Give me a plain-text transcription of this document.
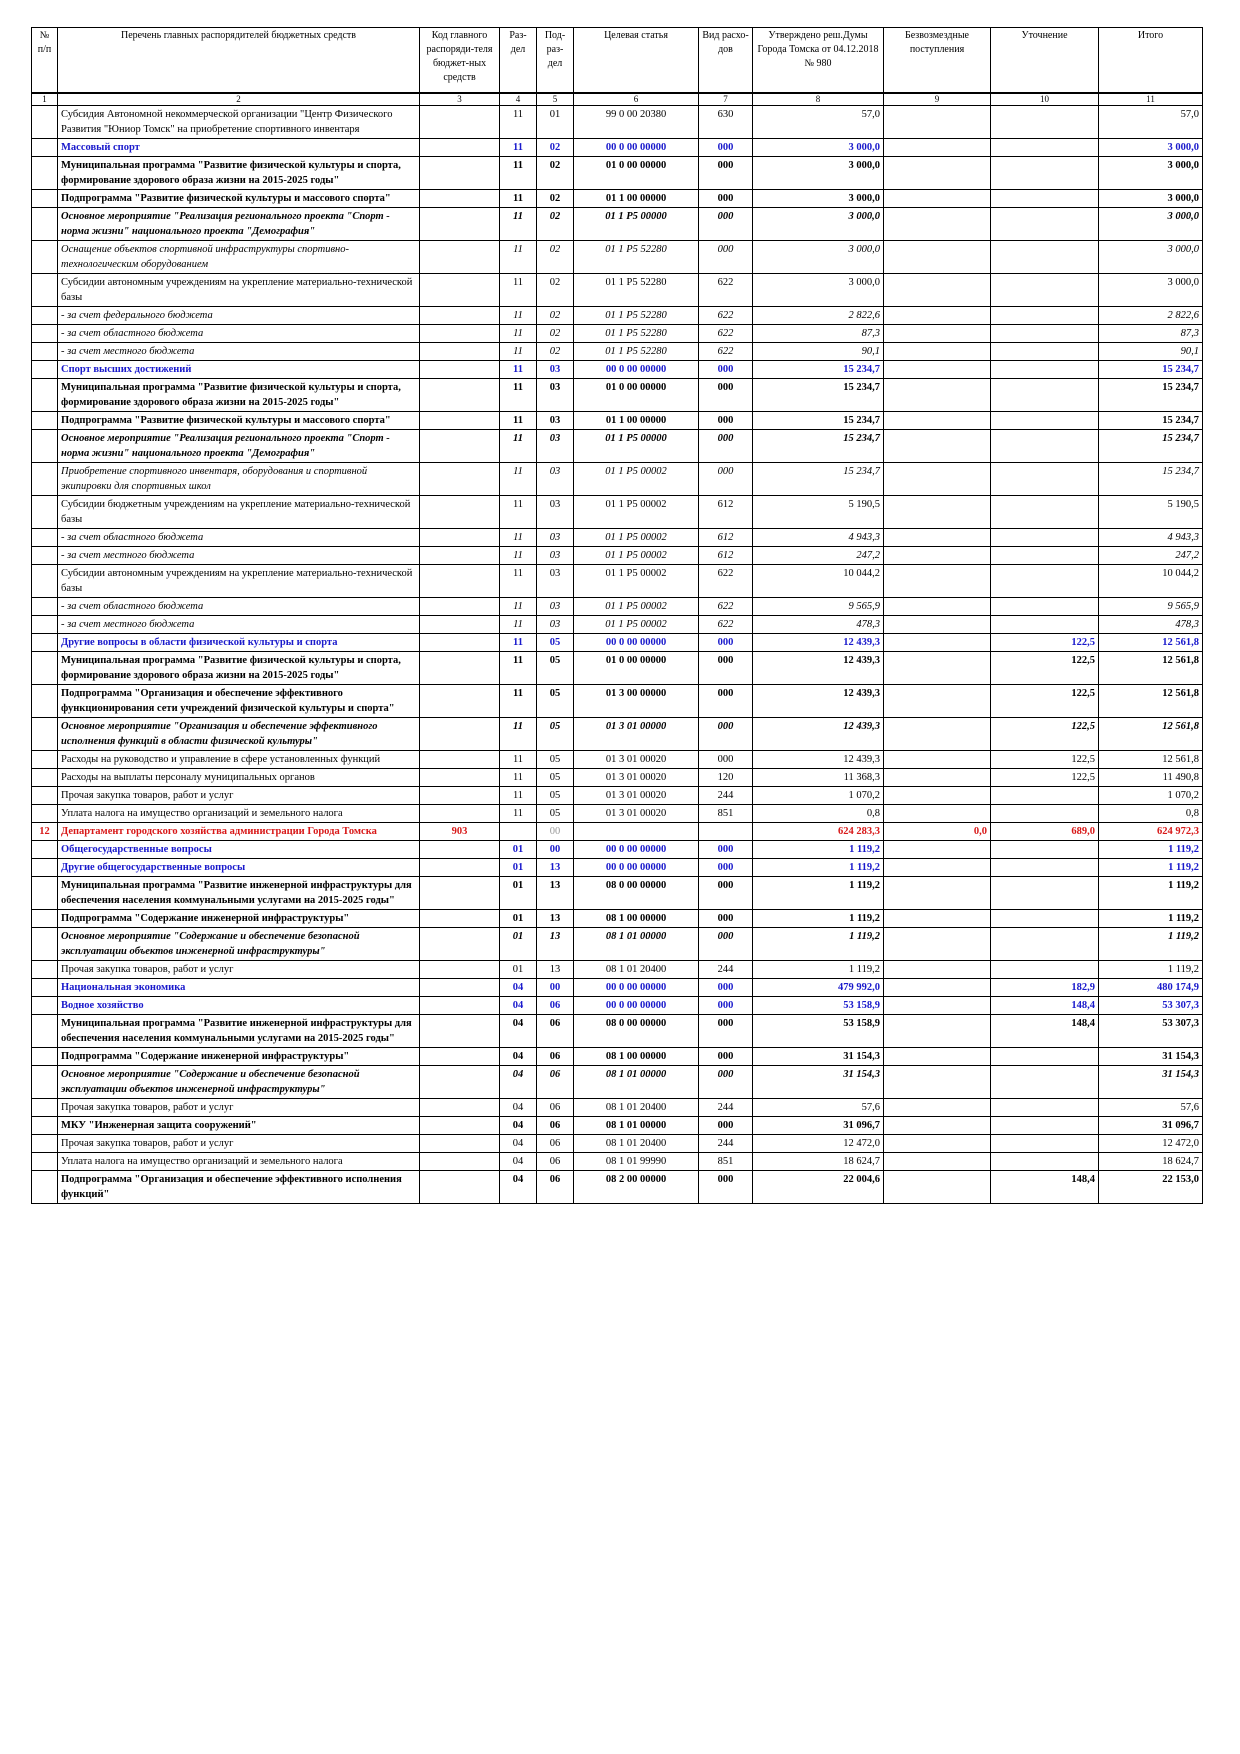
№ п/п	Перечень главных распорядителей бюджетных средств	Код главного распоряди-теля бюджет-ных средств	Раз-дел	Под-раз-дел	Целевая статья	Вид расхо-дов	Утверждено реш.Думы Города Томска от 04.12.2018 № 980	Безвозмездные поступления	Уточнение	Итого
1	2	3	4	5	6	7	8	9	10	11
	Субсидия Автономной некоммерческой организации "Центр Физического Развития "Юниор Томск" на приобретение спортивного инвентаря		11	01	99 0 00 20380	630	57,0			57,0
	Массовый спорт		11	02	00 0 00 00000	000	3 000,0			3 000,0
	Муниципальная программа "Развитие физической культуры и спорта, формирование здорового образа жизни на 2015-2025 годы"		11	02	01 0 00 00000	000	3 000,0			3 000,0
	Подпрограмма "Развитие физической культуры и массового спорта"		11	02	01 1 00 00000	000	3 000,0			3 000,0
	Основное мероприятие "Реализация регионального проекта "Спорт - норма жизни" национального проекта "Демография"		11	02	01 1 P5 00000	000	3 000,0			3 000,0
	Оснащение объектов спортивной инфраструктуры спортивно-технологическим оборудованием		11	02	01 1 P5 52280	000	3 000,0			3 000,0
	Субсидии автономным учреждениям на укрепление материально-технической базы		11	02	01 1 P5 52280	622	3 000,0			3 000,0
	- за счет федерального бюджета		11	02	01 1 P5 52280	622	2 822,6			2 822,6
	- за счет областного бюджета		11	02	01 1 P5 52280	622	87,3			87,3
	- за счет местного бюджета		11	02	01 1 P5 52280	622	90,1			90,1
	Спорт высших достижений		11	03	00 0 00 00000	000	15 234,7			15 234,7
	Муниципальная программа "Развитие физической культуры и спорта, формирование здорового образа жизни на 2015-2025 годы"		11	03	01 0 00 00000	000	15 234,7			15 234,7
	Подпрограмма "Развитие физической культуры и массового спорта"		11	03	01 1 00 00000	000	15 234,7			15 234,7
	Основное мероприятие "Реализация регионального проекта "Спорт - норма жизни" национального проекта "Демография"		11	03	01 1 P5 00000	000	15 234,7			15 234,7
	Приобретение спортивного инвентаря, оборудования и спортивной экипировки для спортивных школ		11	03	01 1 P5 00002	000	15 234,7			15 234,7
	Субсидии бюджетным учреждениям на укрепление материально-технической базы		11	03	01 1 P5 00002	612	5 190,5			5 190,5
	- за счет областного бюджета		11	03	01 1 P5 00002	612	4 943,3			4 943,3
	- за счет местного бюджета		11	03	01 1 P5 00002	612	247,2			247,2
	Субсидии автономным учреждениям на укрепление материально-технической базы		11	03	01 1 P5 00002	622	10 044,2			10 044,2
	- за счет областного бюджета		11	03	01 1 P5 00002	622	9 565,9			9 565,9
	- за счет местного бюджета		11	03	01 1 P5 00002	622	478,3			478,3
	Другие вопросы в области физической культуры и спорта		11	05	00 0 00 00000	000	12 439,3		122,5	12 561,8
	Муниципальная программа "Развитие физической культуры и спорта, формирование здорового образа жизни на 2015-2025 годы"		11	05	01 0 00 00000	000	12 439,3		122,5	12 561,8
	Подпрограмма "Организация и обеспечение эффективного функционирования сети учреждений физической культуры и спорта"		11	05	01 3 00 00000	000	12 439,3		122,5	12 561,8
	Основное мероприятие "Организация и обеспечение эффективного исполнения функций в области физической культуры"		11	05	01 3 01 00000	000	12 439,3		122,5	12 561,8
	Расходы на руководство и управление в сфере установленных функций		11	05	01 3 01 00020	000	12 439,3		122,5	12 561,8
	Расходы на выплаты персоналу муниципальных органов		11	05	01 3 01 00020	120	11 368,3		122,5	11 490,8
	Прочая закупка товаров, работ и услуг		11	05	01 3 01 00020	244	1 070,2			1 070,2
	Уплата налога на имущество организаций и земельного налога		11	05	01 3 01 00020	851	0,8			0,8
12	Департамент городского хозяйства администрации Города Томска	903		00			624 283,3	0,0	689,0	624 972,3
	Общегосударственные вопросы		01	00	00 0 00 00000	000	1 119,2			1 119,2
	Другие общегосударственные вопросы		01	13	00 0 00 00000	000	1 119,2			1 119,2
	Муниципальная программа "Развитие инженерной инфраструктуры для обеспечения населения коммунальными услугами на 2015-2025 годы"		01	13	08 0 00 00000	000	1 119,2			1 119,2
	Подпрограмма "Содержание инженерной инфраструктуры"		01	13	08 1 00 00000	000	1 119,2			1 119,2
	Основное мероприятие "Содержание и обеспечение безопасной эксплуатации объектов инженерной инфраструктуры"		01	13	08 1 01 00000	000	1 119,2			1 119,2
	Прочая закупка товаров, работ и услуг		01	13	08 1 01 20400	244	1 119,2			1 119,2
	Национальная экономика		04	00	00 0 00 00000	000	479 992,0		182,9	480 174,9
	Водное хозяйство		04	06	00 0 00 00000	000	53 158,9		148,4	53 307,3
	Муниципальная программа "Развитие инженерной инфраструктуры для обеспечения населения коммунальными услугами на 2015-2025 годы"		04	06	08 0 00 00000	000	53 158,9		148,4	53 307,3
	Подпрограмма "Содержание инженерной инфраструктуры"		04	06	08 1 00 00000	000	31 154,3			31 154,3
	Основное мероприятие "Содержание и обеспечение безопасной эксплуатации объектов инженерной инфраструктуры"		04	06	08 1 01 00000	000	31 154,3			31 154,3
	Прочая закупка товаров, работ и услуг		04	06	08 1 01 20400	244	57,6			57,6
	МКУ "Инженерная защита сооружений"		04	06	08 1 01 00000	000	31 096,7			31 096,7
	Прочая закупка товаров, работ и услуг		04	06	08 1 01 20400	244	12 472,0			12 472,0
	Уплата налога на имущество организаций и земельного налога		04	06	08 1 01 99990	851	18 624,7			18 624,7
	Подпрограмма "Организация и обеспечение эффективного исполнения функций"		04	06	08 2 00 00000	000	22 004,6		148,4	22 153,0
